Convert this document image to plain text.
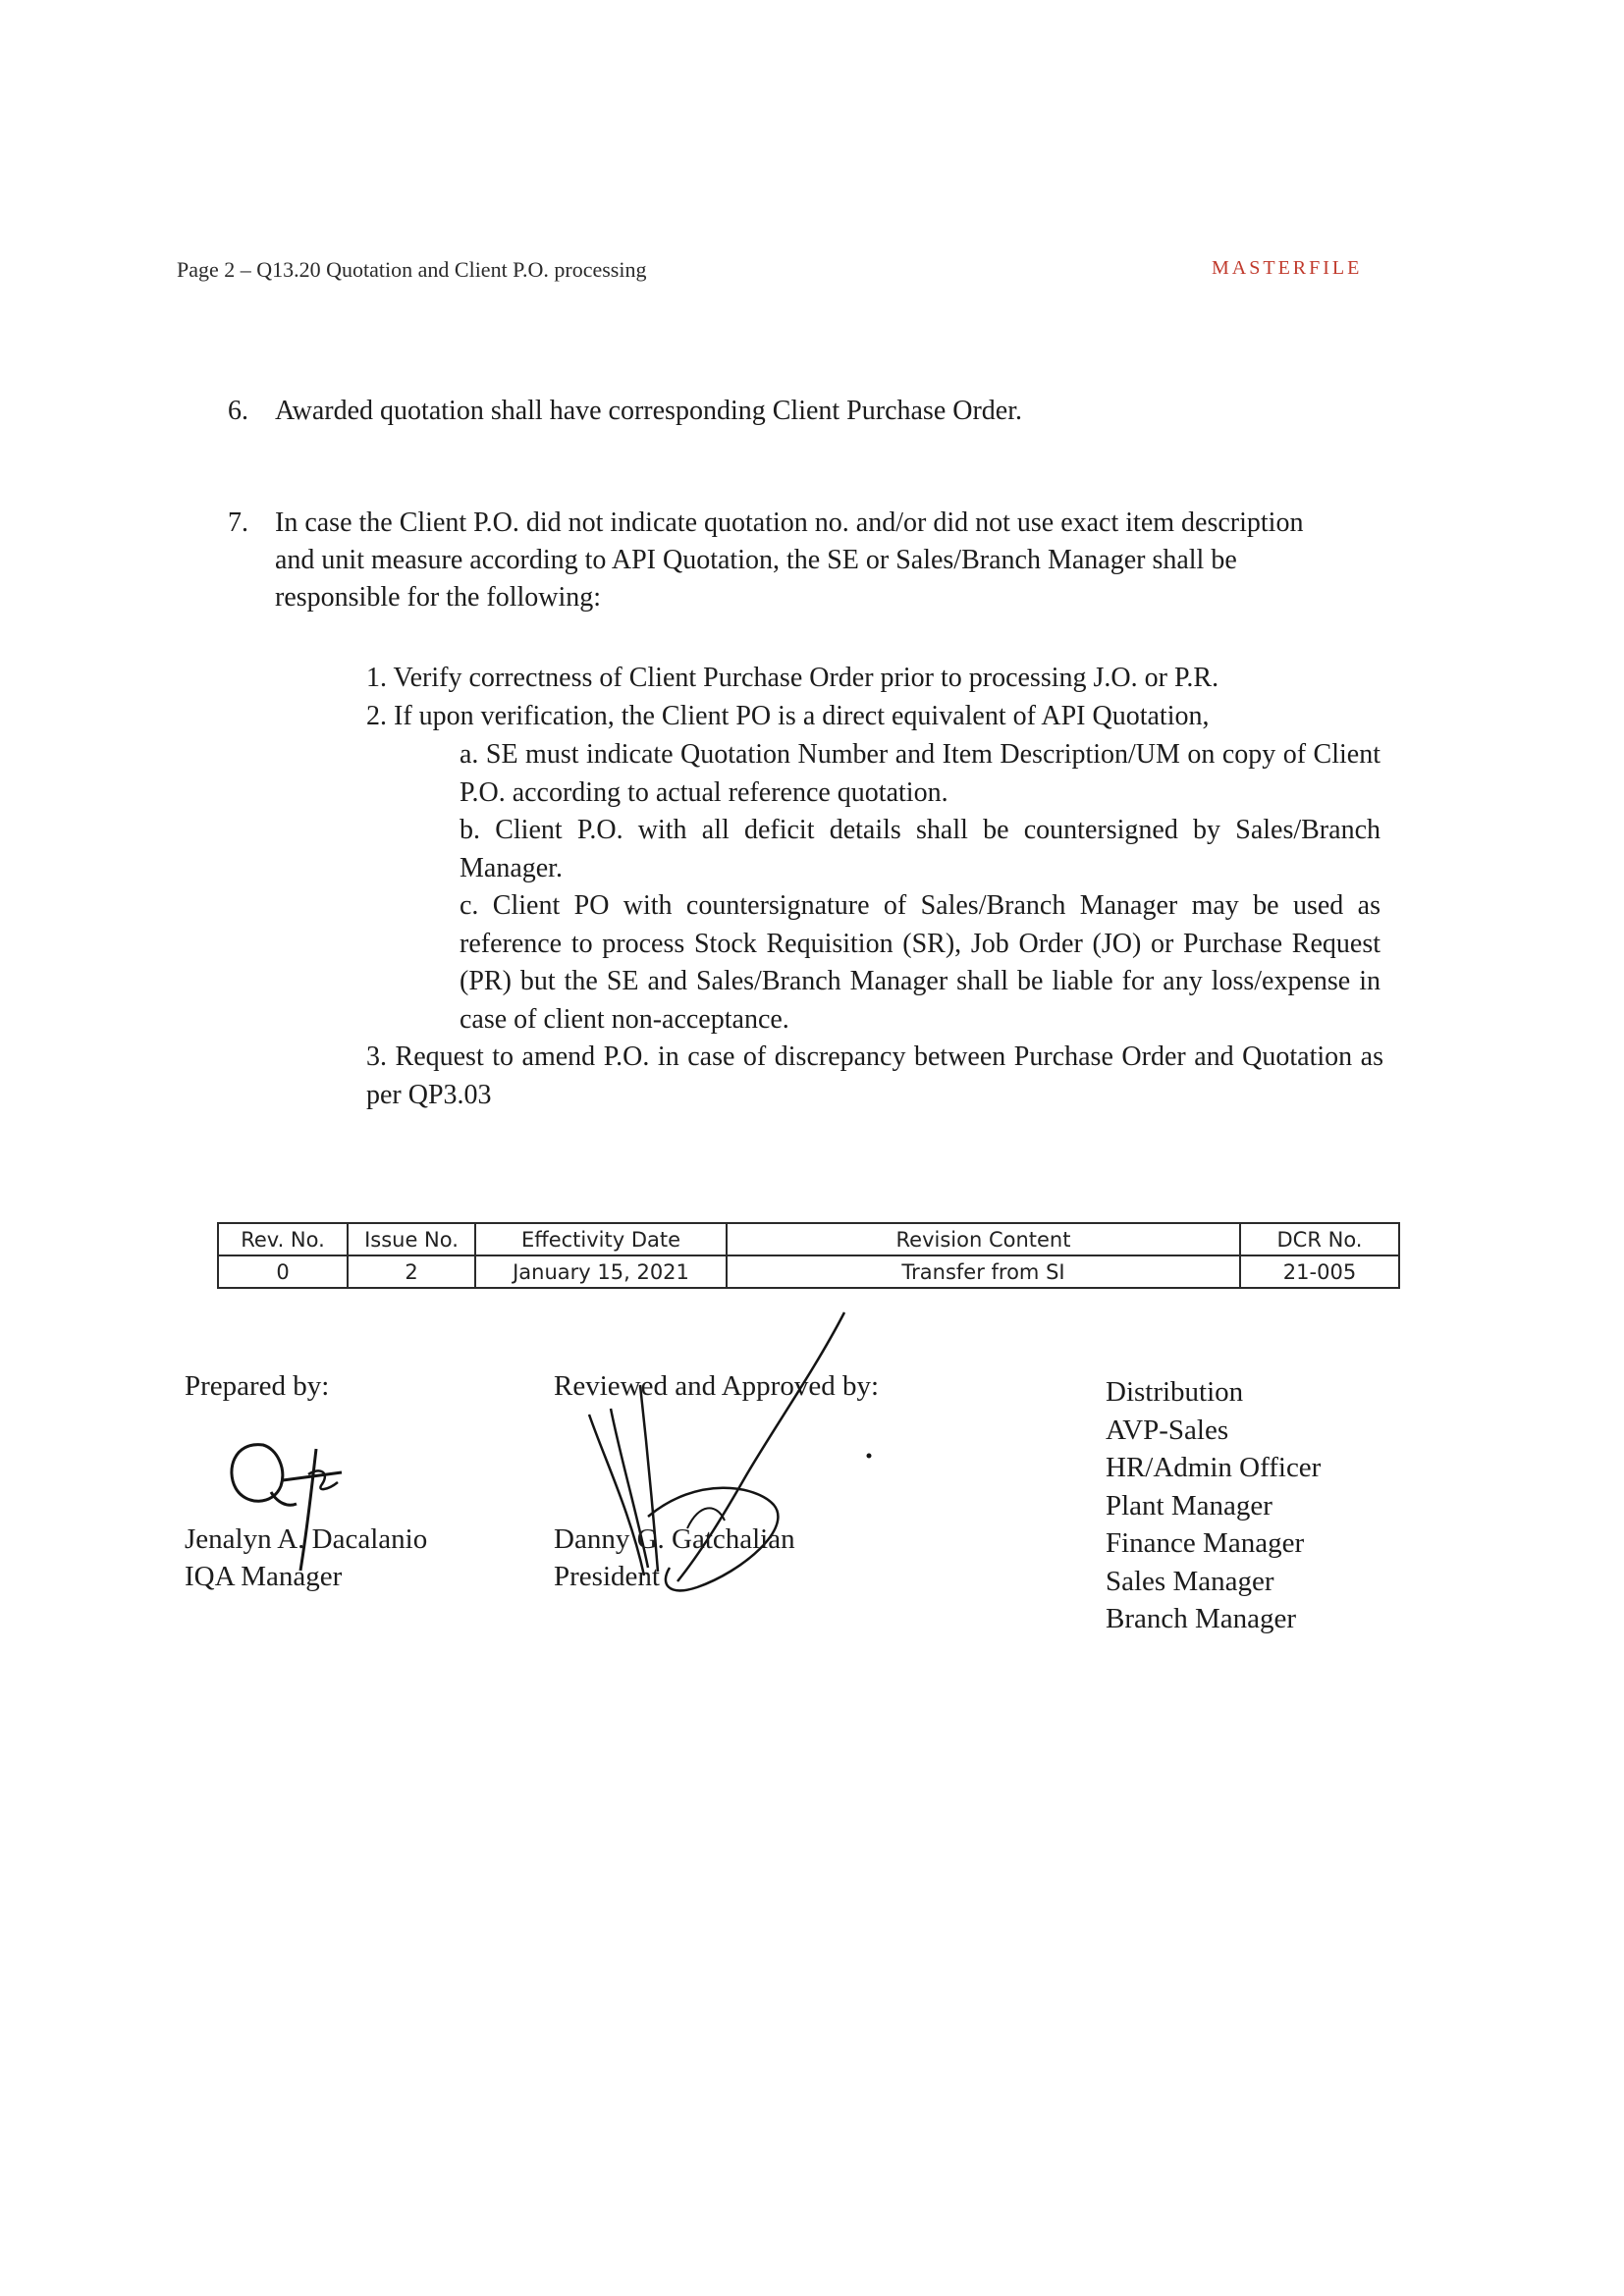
Page 2 – Q13.20 Quotation and Client P.O. processing	MASTERFILE
6. Awarded quotation shall have corresponding Client Purchase Order.
7. In case the Client P.O. did not indicate quotation no. and/or did not use exact item description and unit measure according to API Quotation, the SE or Sales/Branch Manager shall be responsible for the following:
1. Verify correctness of Client Purchase Order prior to processing J.O. or P.R.
2. If upon verification, the Client PO is a direct equivalent of API Quotation,
a. SE must indicate Quotation Number and Item Description/UM on copy of Client P.O. according to actual reference quotation.
b. Client P.O. with all deficit details shall be countersigned by Sales/Branch Manager.
c. Client PO with countersignature of Sales/Branch Manager may be used as reference to process Stock Requisition (SR), Job Order (JO) or Purchase Request (PR) but the SE and Sales/Branch Manager shall be liable for any loss/expense in case of client non-acceptance.
3. Request to amend P.O. in case of discrepancy between Purchase Order and Quotation as per QP3.03
Rev. No.	Issue No.	Effectivity Date	Revision Content	DCR No.
0	2	January 15, 2021	Transfer from SI	21-005
Prepared by:	Reviewed and Approved by:
Jenalyn A. Dacalanio
IQA Manager
Danny G. Gatchalian
President
Distribution
AVP-Sales
HR/Admin Officer
Plant Manager
Finance Manager
Sales Manager
Branch Manager
